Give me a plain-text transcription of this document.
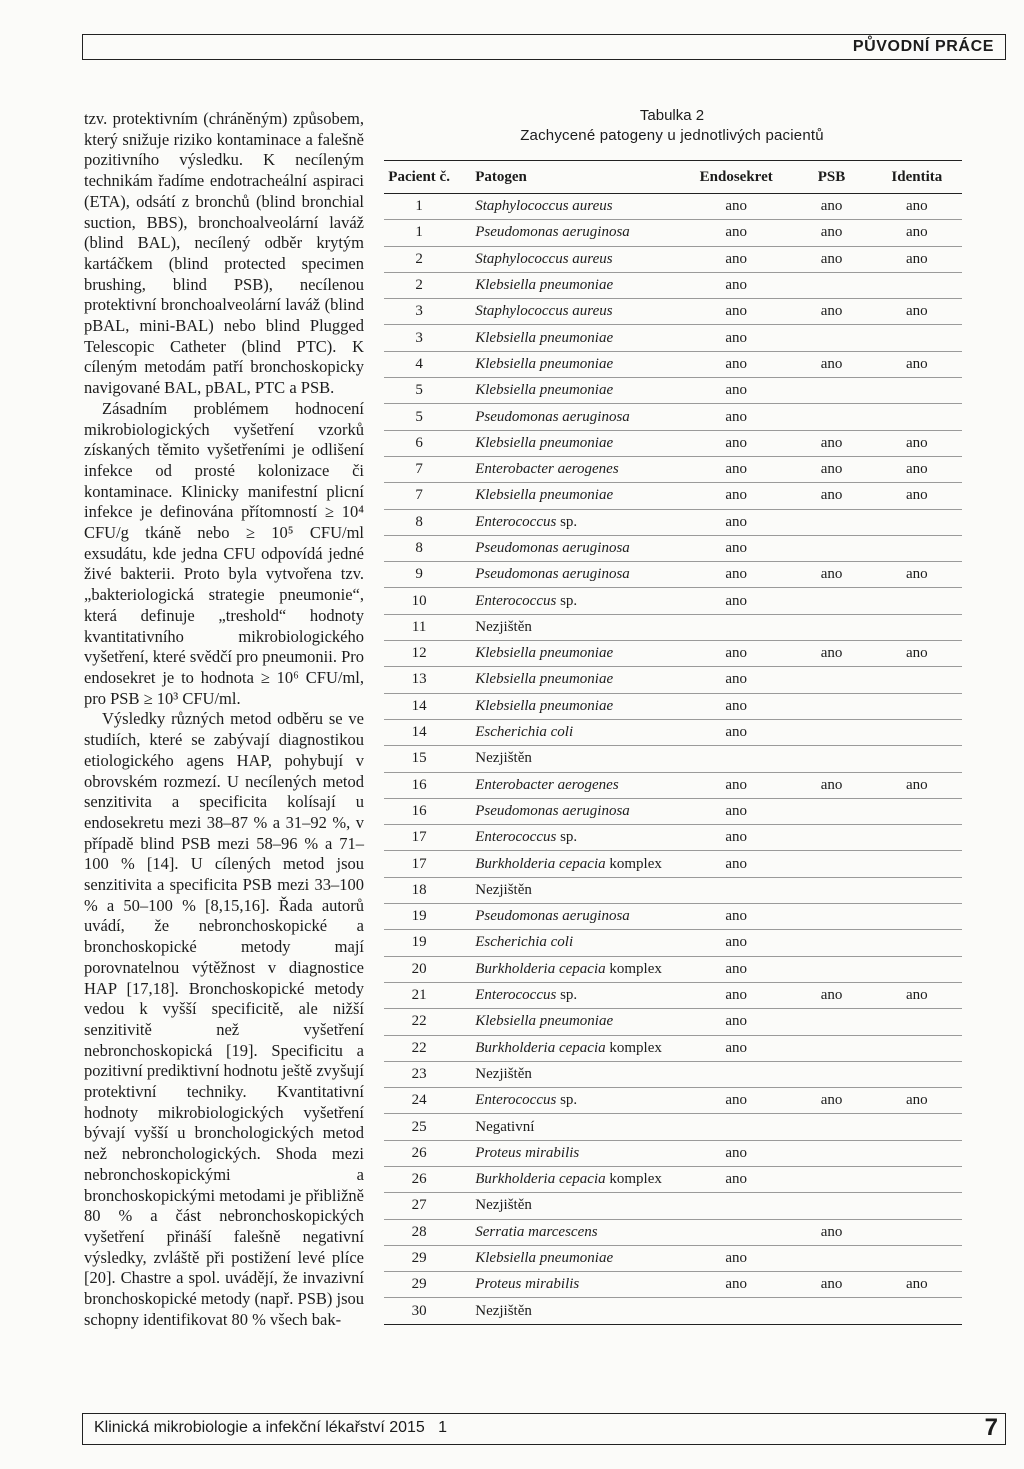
PŮVODNÍ PRÁCE

tzv. protektivním (chráněným) způsobem, který snižuje riziko kontaminace a falešně pozitivního výsledku. K necíleným technikám řadíme endotracheální aspiraci (ETA), odsátí z bronchů (blind bronchial suction, BBS), bronchoalveolární laváž (blind BAL), necílený odběr krytým kartáčkem (blind protected specimen brushing, blind PSB), necílenou protektivní bronchoalveolární laváž (blind pBAL, mini-BAL) nebo blind Plugged Telescopic Catheter (blind PTC). K cíleným metodám patří bronchoskopicky navigované BAL, pBAL, PTC a PSB.

Zásadním problémem hodnocení mikrobiologických vyšetření vzorků získaných těmito vyšetřeními je odlišení infekce od prosté kolonizace či kontaminace. Klinicky manifestní plicní infekce je definována přítomností ≥ 10⁴ CFU/g tkáně nebo ≥ 10⁵ CFU/ml exsudátu, kde jedna CFU odpovídá jedné živé bakterii. Proto byla vytvořena tzv. „bakteriologická strategie pneumonie“, která definuje „treshold“ hodnoty kvantitativního mikrobiologického vyšetření, které svědčí pro pneumonii. Pro endosekret je to hodnota ≥ 10⁶ CFU/ml, pro PSB ≥ 10³ CFU/ml.

Výsledky různých metod odběru se ve studiích, které se zabývají diagnostikou etiologického agens HAP, pohybují v obrovském rozmezí. U necílených metod senzitivita a specificita kolísají u endosekretu mezi 38–87 % a 31–92 %, v případě blind PSB mezi 58–96 % a 71–100 % [14]. U cílených metod jsou senzitivita a specificita PSB mezi 33–100 % a 50–100 % [8,15,16]. Řada autorů uvádí, že nebronchoskopické a bronchoskopické metody mají porovnatelnou výtěžnost v diagnostice HAP [17,18]. Bronchoskopické metody vedou k vyšší specificitě, ale nižší senzitivitě než vyšetření nebronchoskopická [19]. Specificitu a pozitivní prediktivní hodnotu ještě zvyšují protektivní techniky. Kvantitativní hodnoty mikrobiologických vyšetření bývají vyšší u bronchologických metod než nebronchologických. Shoda mezi nebronchoskopickými a bronchoskopickými metodami je přibližně 80 % a část nebronchoskopických vyšetření přináší falešně negativní výsledky, zvláště při postižení levé plíce [20]. Chastre a spol. uvádějí, že invazivní bronchoskopické metody (např. PSB) jsou schopny identifikovat 80 % všech bak-

Tabulka 2
Zachycené patogeny u jednotlivých pacientů
Pacient č.	Patogen	Endosekret	PSB	Identita
1	Staphylococcus aureus	ano	ano	ano
1	Pseudomonas aeruginosa	ano	ano	ano
2	Staphylococcus aureus	ano	ano	ano
2	Klebsiella pneumoniae	ano		
3	Staphylococcus aureus	ano	ano	ano
3	Klebsiella pneumoniae	ano		
4	Klebsiella pneumoniae	ano	ano	ano
5	Klebsiella pneumoniae	ano		
5	Pseudomonas aeruginosa	ano		
6	Klebsiella pneumoniae	ano	ano	ano
7	Enterobacter aerogenes	ano	ano	ano
7	Klebsiella pneumoniae	ano	ano	ano
8	Enterococcus sp.	ano		
8	Pseudomonas aeruginosa	ano		
9	Pseudomonas aeruginosa	ano	ano	ano
10	Enterococcus sp.	ano		
11	Nezjištěn			
12	Klebsiella pneumoniae	ano	ano	ano
13	Klebsiella pneumoniae	ano		
14	Klebsiella pneumoniae	ano		
14	Escherichia coli	ano		
15	Nezjištěn			
16	Enterobacter aerogenes	ano	ano	ano
16	Pseudomonas aeruginosa	ano		
17	Enterococcus sp.	ano		
17	Burkholderia cepacia komplex	ano		
18	Nezjištěn			
19	Pseudomonas aeruginosa	ano		
19	Escherichia coli	ano		
20	Burkholderia cepacia komplex	ano		
21	Enterococcus sp.	ano	ano	ano
22	Klebsiella pneumoniae	ano		
22	Burkholderia cepacia komplex	ano		
23	Nezjištěn			
24	Enterococcus sp.	ano	ano	ano
25	Negativní			
26	Proteus mirabilis	ano		
26	Burkholderia cepacia komplex	ano		
27	Nezjištěn			
28	Serratia marcescens		ano	
29	Klebsiella pneumoniae	ano		
29	Proteus mirabilis	ano	ano	ano
30	Nezjištěn			
Klinická mikrobiologie a infekční lékařství 2015 1	7
